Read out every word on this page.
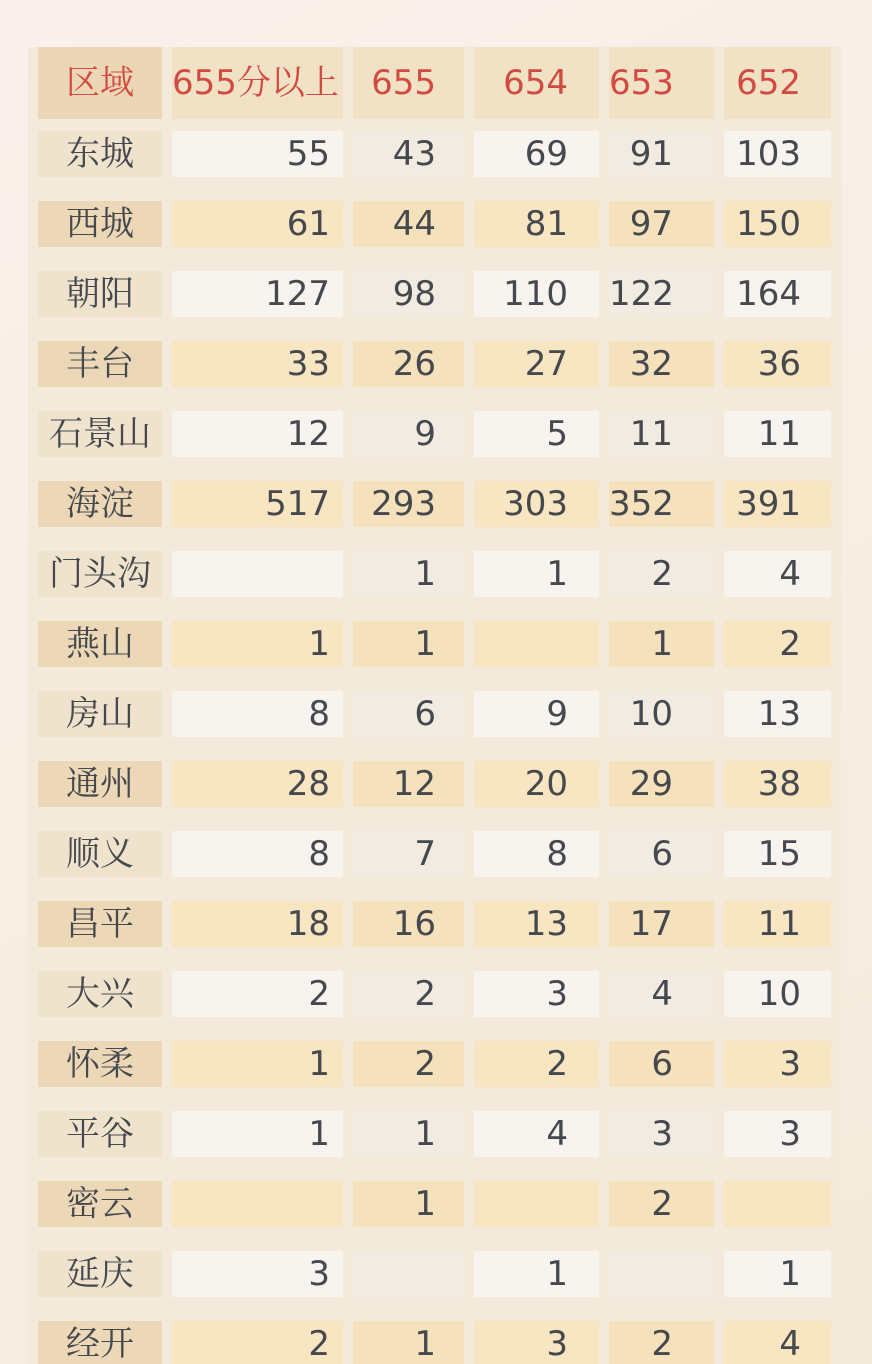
区域	655分以上	655	654	653	652
东城	55	43	69	91	103
西城	61	44	81	97	150
朝阳	127	98	110	122	164
丰台	33	26	27	32	36
石景山	12	9	5	11	11
海淀	517	293	303	352	391
门头沟		1	1	2	4
燕山	1	1		1	2
房山	8	6	9	10	13
通州	28	12	20	29	38
顺义	8	7	8	6	15
昌平	18	16	13	17	11
大兴	2	2	3	4	10
怀柔	1	2	2	6	3
平谷	1	1	4	3	3
密云		1		2	
延庆	3		1		1
经开	2	1	3	2	4
